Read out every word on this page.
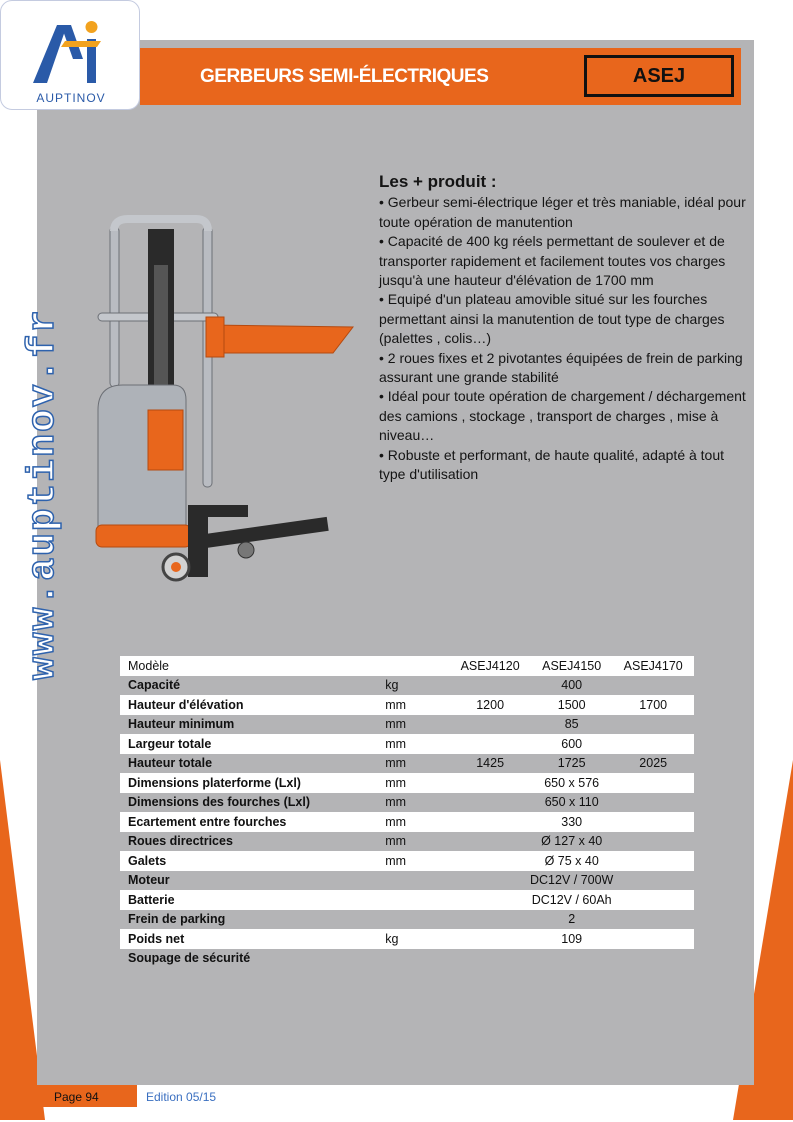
GERBEURS SEMI-ÉLECTRIQUES	ASEJ
AUPTINOV
www.auptinov.fr
Les + produit :

• Gerbeur semi-électrique léger et très maniable, idéal pour toute opération de manutention

• Capacité de 400 kg réels permettant de soulever et de transporter rapidement et facilement toutes vos charges jusqu'à une hauteur d'élévation de 1700 mm

• Equipé d'un plateau amovible situé sur les fourches permettant ainsi la manutention de tout type de charges (palettes , colis…)

• 2 roues fixes et 2 pivotantes équipées de frein de parking assurant une grande stabilité

• Idéal pour toute opération de chargement / déchargement des camions , stockage , transport de charges , mise à niveau…

• Robuste et performant, de haute qualité, adapté à tout type d'utilisation

Modèle		ASEJ4120	ASEJ4150	ASEJ4170
Capacité	kg	400		
Hauteur d'élévation	mm	1200	1500	1700
Hauteur minimum	mm	85		
Largeur totale	mm	600		
Hauteur totale	mm	1425	1725	2025
Dimensions platerforme (Lxl)	mm	650 x 576		
Dimensions des fourches (Lxl)	mm	650 x 110		
Ecartement entre fourches	mm	330		
Roues directrices	mm	Ø 127 x 40		
Galets	mm	Ø 75 x 40		
Moteur		DC12V / 700W		
Batterie		DC12V / 60Ah		
Frein de parking		2		
Poids net	kg	109		
Soupage de sécurité				
Page 94	Edition 05/15
